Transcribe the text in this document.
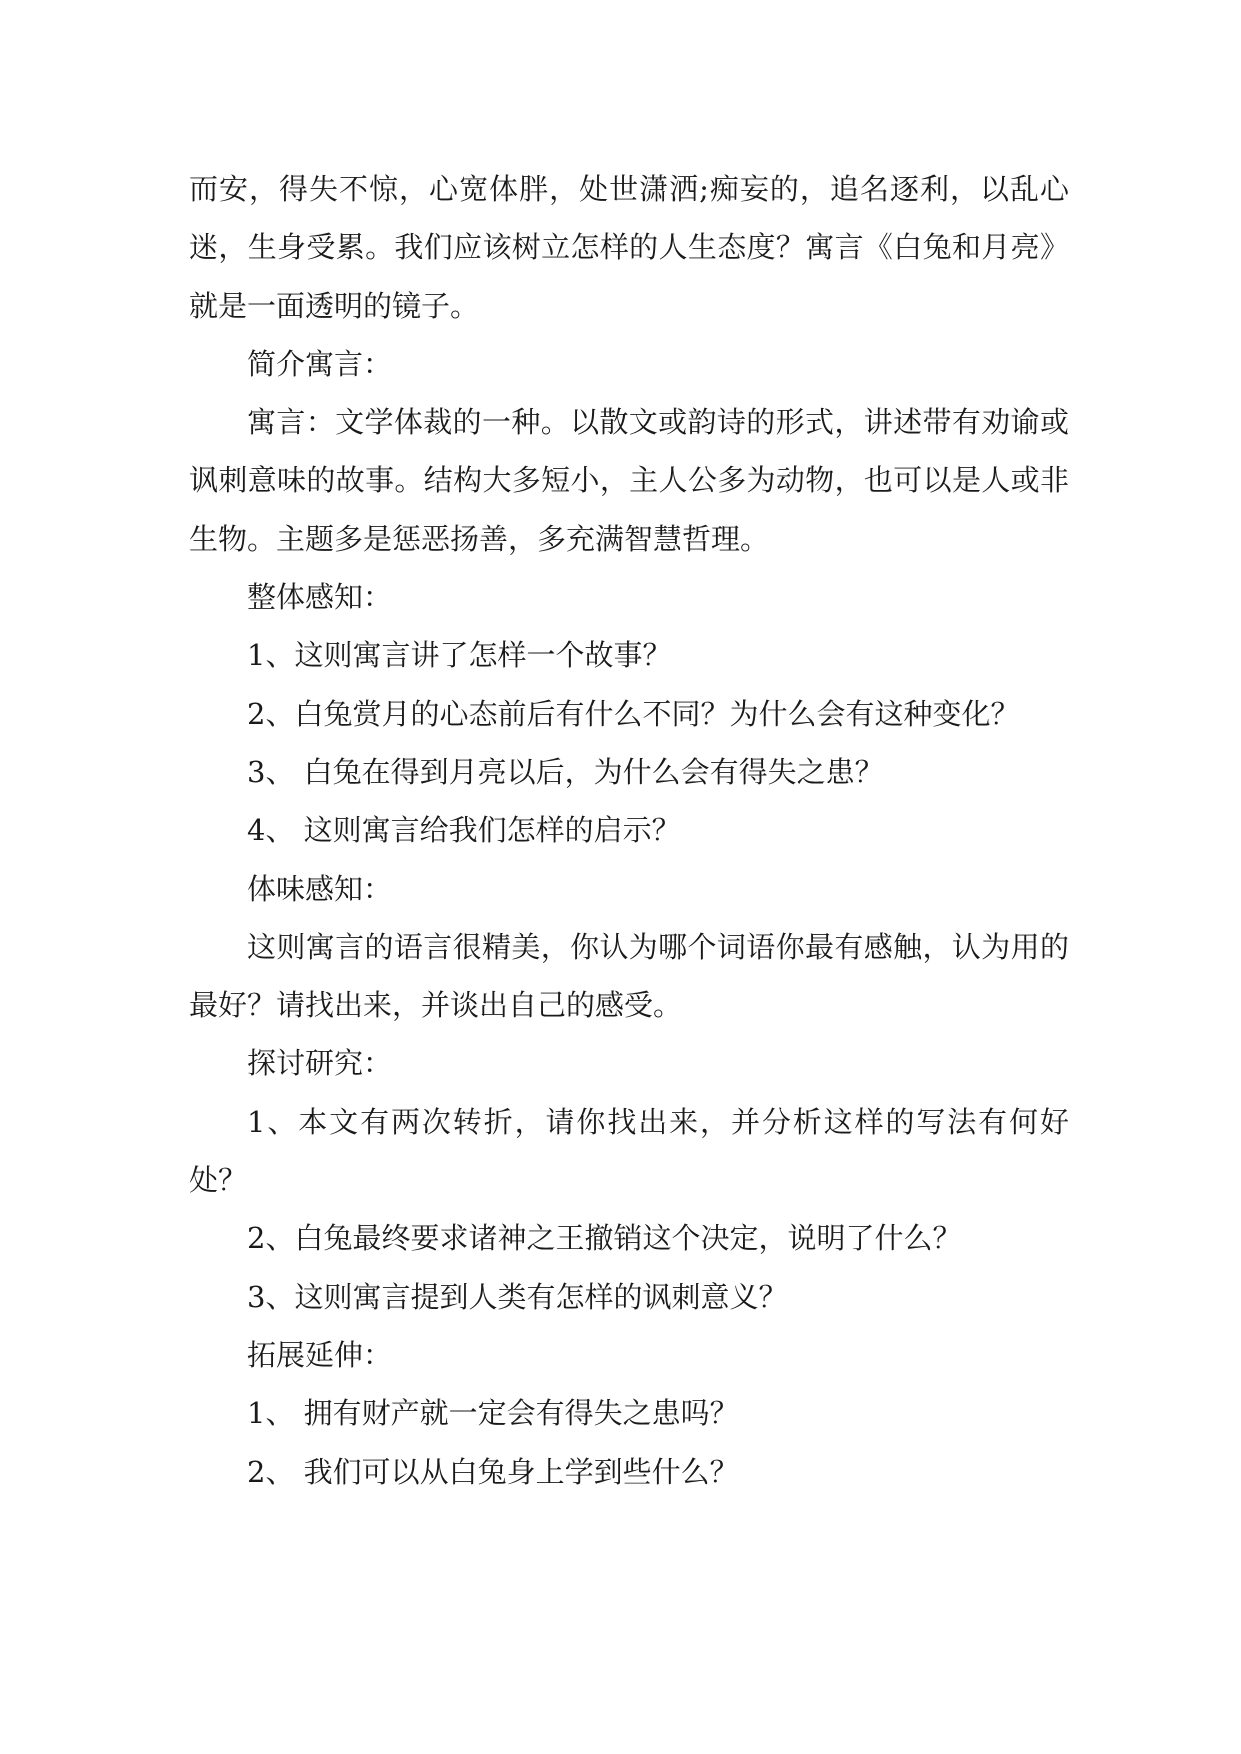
而安，得失不惊，心宽体胖，处世潇洒;痴妄的，追名逐利，以乱心迷，生身受累。我们应该树立怎样的人生态度？寓言《白兔和月亮》就是一面透明的镜子。

简介寓言：

寓言：文学体裁的一种。以散文或韵诗的形式，讲述带有劝谕或讽刺意味的故事。结构大多短小，主人公多为动物，也可以是人或非生物。主题多是惩恶扬善，多充满智慧哲理。

整体感知：

1、这则寓言讲了怎样一个故事？

2、白兔赏月的心态前后有什么不同？为什么会有这种变化？

3、 白兔在得到月亮以后，为什么会有得失之患？

4、 这则寓言给我们怎样的启示？

体味感知：

这则寓言的语言很精美，你认为哪个词语你最有感触，认为用的最好？请找出来，并谈出自己的感受。

探讨研究：

1、本文有两次转折，请你找出来，并分析这样的写法有何好处？

2、白兔最终要求诸神之王撤销这个决定，说明了什么？

3、这则寓言提到人类有怎样的讽刺意义？

拓展延伸：

1、 拥有财产就一定会有得失之患吗？

2、 我们可以从白兔身上学到些什么？
